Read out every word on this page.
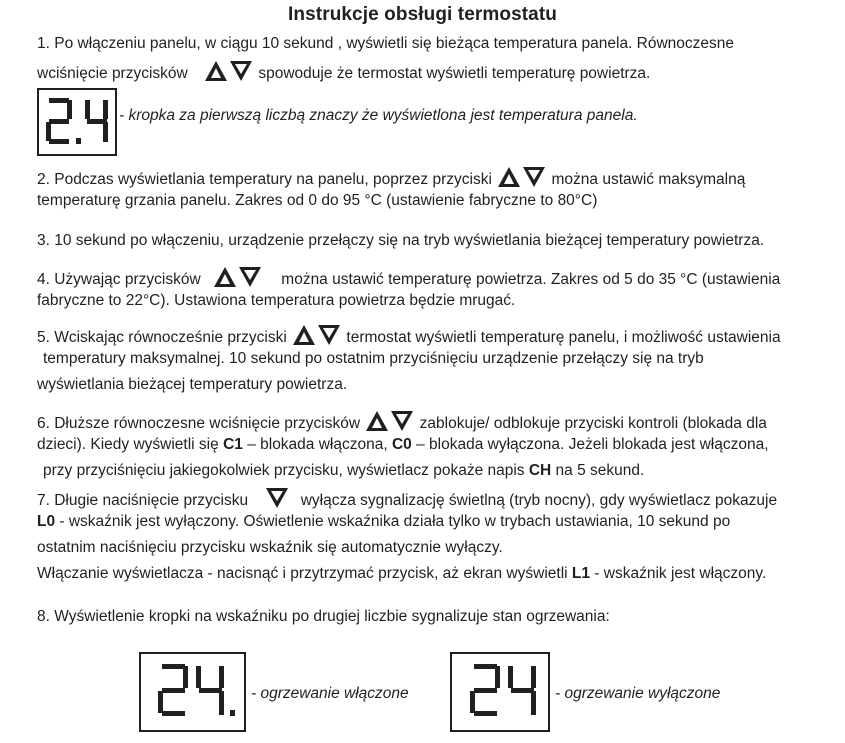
Instrukcje obsługi termostatu
1. Po włączeniu panelu, w ciągu 10 sekund , wyświetli się bieżąca temperatura panela. Równoczesne
wciśnięcie przycisków	spowoduje że termostat wyświetli temperaturę powietrza.
- kropka za pierwszą liczbą znaczy że wyświetlona jest temperatura panela.
2. Podczas wyświetlania temperatury na panelu, poprzez przyciski	można ustawić maksymalną
temperaturę grzania panelu. Zakres od 0 do 95 °C (ustawienie fabryczne to 80°C)
3. 10 sekund po włączeniu, urządzenie przełączy się na tryb wyświetlania bieżącej temperatury powietrza.
4. Używając przycisków	można ustawić temperaturę powietrza. Zakres od 5 do 35 °C (ustawienia
fabryczne to 22°C). Ustawiona temperatura powietrza będzie mrugać.
5. Wciskając równocześnie przyciski	termostat wyświetli temperaturę panelu, i możliwość ustawienia
temperatury maksymalnej. 10 sekund po ostatnim przyciśnięciu urządzenie przełączy się na tryb
wyświetlania bieżącej temperatury powietrza.
6. Dłuższe równoczesne wciśnięcie przycisków	zablokuje/ odblokuje przyciski kontroli (blokada dla
dzieci). Kiedy wyświetli się C1 – blokada włączona, C0 – blokada wyłączona. Jeżeli blokada jest włączona,
przy przyciśnięciu jakiegokolwiek przycisku, wyświetlacz pokaże napis CH na 5 sekund.
7. Długie naciśnięcie przycisku	wyłącza sygnalizację świetlną (tryb nocny), gdy wyświetlacz pokazuje
L0 - wskaźnik jest wyłączony. Oświetlenie wskaźnika działa tylko w trybach ustawiania, 10 sekund po
ostatnim naciśnięciu przycisku wskaźnik się automatycznie wyłączy.
Włączanie wyświetlacza - nacisnąć i przytrzymać przycisk, aż ekran wyświetli L1 - wskaźnik jest włączony.
8. Wyświetlenie kropki na wskaźniku po drugiej liczbie sygnalizuje stan ogrzewania:
- ogrzewanie włączone	- ogrzewanie wyłączone
